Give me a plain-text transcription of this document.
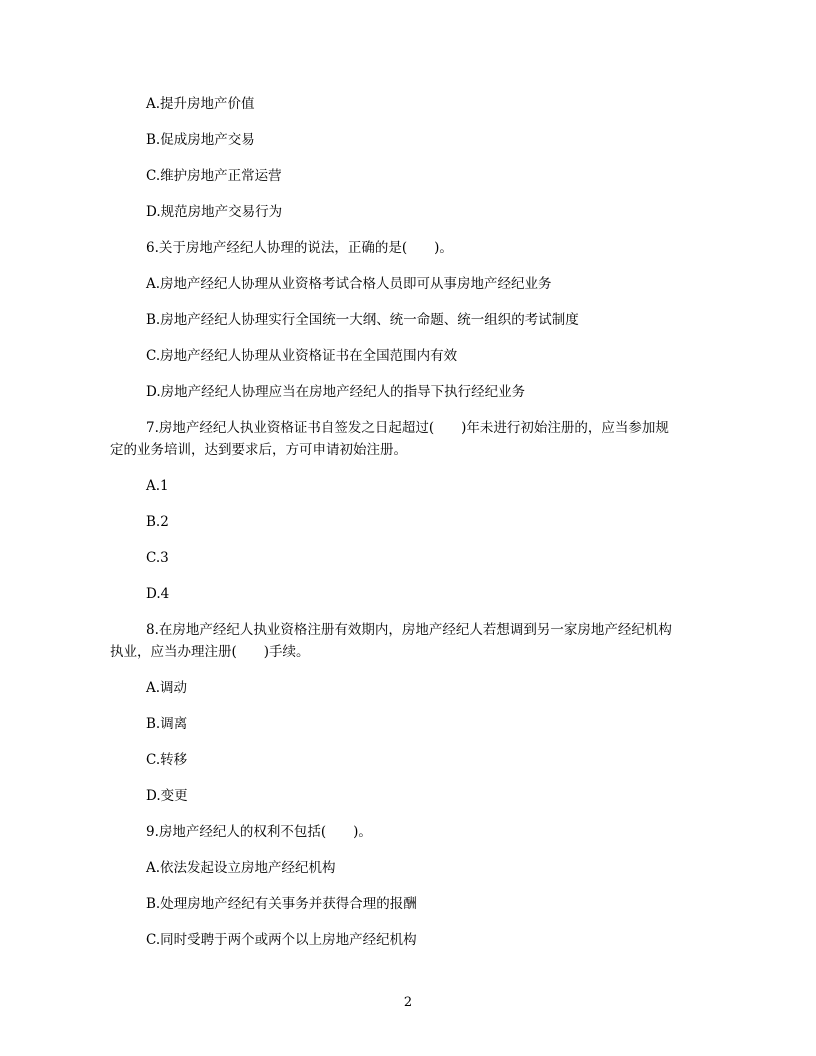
A.提升房地产价值

B.促成房地产交易

C.维护房地产正常运营

D.规范房地产交易行为

6.关于房地产经纪人协理的说法，正确的是(　　)。

A.房地产经纪人协理从业资格考试合格人员即可从事房地产经纪业务

B.房地产经纪人协理实行全国统一大纲、统一命题、统一组织的考试制度

C.房地产经纪人协理从业资格证书在全国范围内有效

D.房地产经纪人协理应当在房地产经纪人的指导下执行经纪业务

7.房地产经纪人执业资格证书自签发之日起超过(　　)年未进行初始注册的，应当参加规
定的业务培训，达到要求后，方可申请初始注册。

A.1

B.2

C.3

D.4

8.在房地产经纪人执业资格注册有效期内，房地产经纪人若想调到另一家房地产经纪机构
执业，应当办理注册(　　)手续。

A.调动

B.调离

C.转移

D.变更

9.房地产经纪人的权利不包括(　　)。

A.依法发起设立房地产经纪机构

B.处理房地产经纪有关事务并获得合理的报酬

C.同时受聘于两个或两个以上房地产经纪机构

2
